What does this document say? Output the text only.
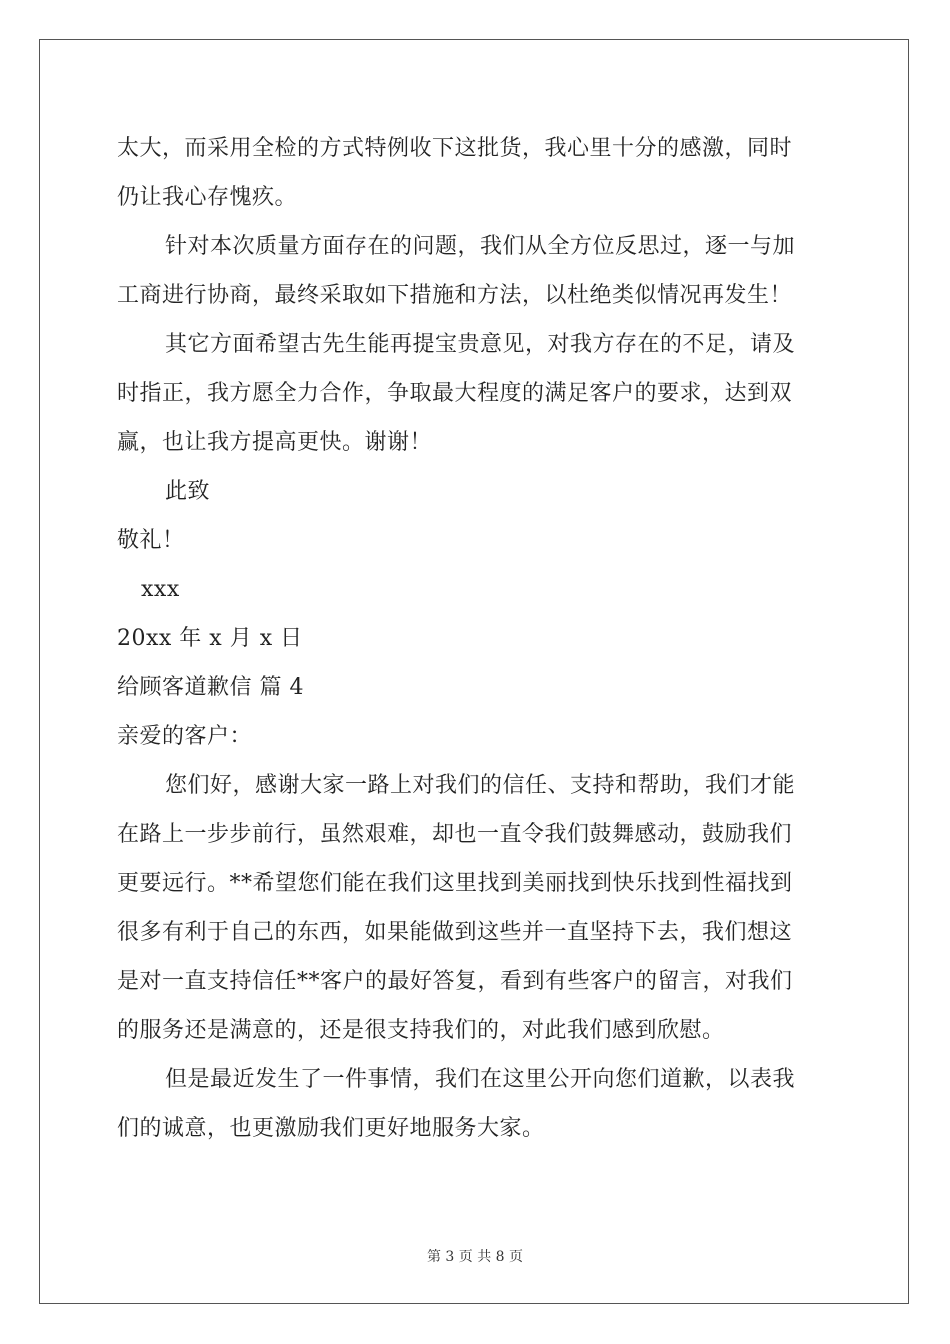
太大，而采用全检的方式特例收下这批货，我心里十分的感激，同时
仍让我心存愧疚。
针对本次质量方面存在的问题，我们从全方位反思过，逐一与加
工商进行协商，最终采取如下措施和方法，以杜绝类似情况再发生！
其它方面希望古先生能再提宝贵意见，对我方存在的不足，请及
时指正，我方愿全力合作，争取最大程度的满足客户的要求，达到双
赢，也让我方提高更快。谢谢！
此致
敬礼！
xxx
20xx 年 x 月 x 日
给顾客道歉信 篇 4
亲爱的客户：
您们好，感谢大家一路上对我们的信任、支持和帮助，我们才能
在路上一步步前行，虽然艰难，却也一直令我们鼓舞感动，鼓励我们
更要远行。**希望您们能在我们这里找到美丽找到快乐找到性福找到
很多有利于自己的东西，如果能做到这些并一直坚持下去，我们想这
是对一直支持信任**客户的最好答复，看到有些客户的留言，对我们
的服务还是满意的，还是很支持我们的，对此我们感到欣慰。
但是最近发生了一件事情，我们在这里公开向您们道歉，以表我
们的诚意，也更激励我们更好地服务大家。
第 3 页 共 8 页
